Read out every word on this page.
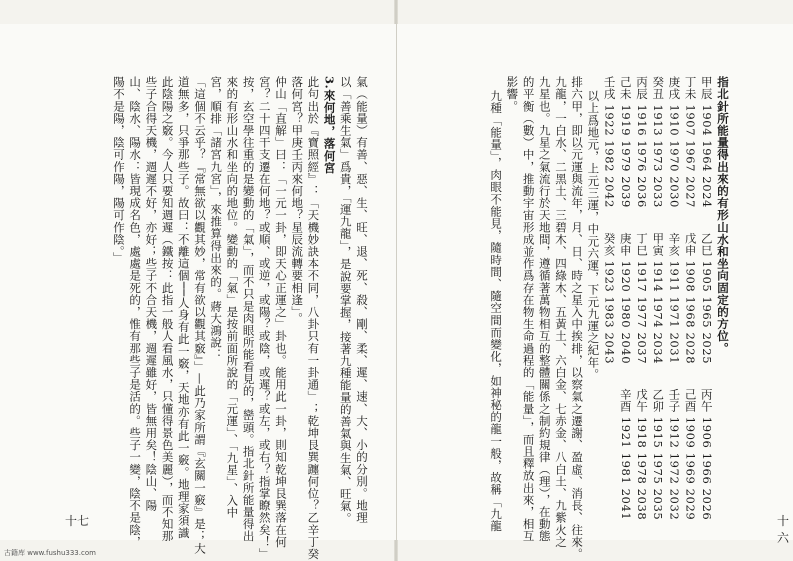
氣（能量）有善、惡、生、旺、退、死、殺、剛、柔、遲、速、大、小的分別。地理
以「善乘生氣」爲貴，「運九龍」，是說要掌握，接著九種能量的善氣與生氣、旺氣。
3.來何地，落何宮
此句出於『寶照經』：「天機妙訣本不同，八卦只有一卦通」；乾坤艮巽躔何位？乙辛丁癸
落何宮？甲庚壬丙來何地？星辰流轉要相逢」。
仲山「直解」曰：「一元一卦，即天心正運之」卦也。能用此一卦，則知乾坤艮巽落在何
宮？二十四干支遷在何地？或順、或逆，或陽？或陰，或遲？或左，或右？指掌瞭然矣！」
按，玄空學往重的是變動的「氣」，而不只是肉眼所能看見的，巒頭。指北針所能量得出
來的有形山水和坐向的地位。變動的「氣」是按前面所說的「元運」、「九星」、入中
宮，順排「諸宮九宮」，來推算得出來的。蔣大鴻說：
「這個不云乎？『常無欲以觀其妙，常有欲以觀其竅』」—此乃家所謂『玄關一竅』是；大
道無多，只爭那些子。故曰：不離這個──人身有此一竅，天地亦有此一竅。地理家須識
此陰陽之竅。今人只要知週遲（鐵按：此指一般人看風水，只懂得景色美麗），而不知那
些子合得天機，週遲不好，亦好；些子不合天機，週遲雖好，皆無用矣！陰山、陽
山、陰水、陽水：皆現成名色，處處是死的，惟有那些子是活的。些子一變，陰不是陰，
陽不是陽，陰可作陽，陽可作陰。」
十七
指北針所能量得出來的有形山水和坐向固定的方位。
甲辰 1904 1964 2024　　乙巳 1905 1965 2025　　丙午 1906 1966 2026
丁未 1907 1967 2027　　戊申 1908 1968 2028　　己酉 1909 1969 2029
庚戌 1910 1970 2030　　辛亥 1911 1971 2031　　壬子 1912 1972 2032
癸丑 1913 1973 2033　　甲寅 1914 1974 2034　　乙卯 1915 1975 2035
丙辰 1916 1976 2036　　丁巳 1917 1977 2037　　戊午 1918 1978 2038
己未 1919 1979 2039　　庚申 1920 1980 2040　　辛酉 1921 1981 2041
壬戌 1922 1982 2042　　癸亥 1923 1983 2043
以上爲地元，上元三運，中元六運，下元九運之紀年。
排六甲，即以元運與流年，月、日、時之星入中挨排，以察氣之遷謝、盈虛、消長、往來。
九龍，一白水、二黑土、三碧木、四綠木、五黃土、六白金、七赤金、八白土、九紫火之
九星也。九星之氣流行於天地間，遵循著萬物相互的整體關係之制約規律（理），在動態
的平衡（數）中，推動宇宙形成並作爲存在物生命過程的「能量」，而且釋放出來，相互
影響。
九種「能量」，肉眼不能見，隨時間、隨空間而變化，如神秘的龍一般，故稱「九龍	十六
古籍库 www.fushu333.com
